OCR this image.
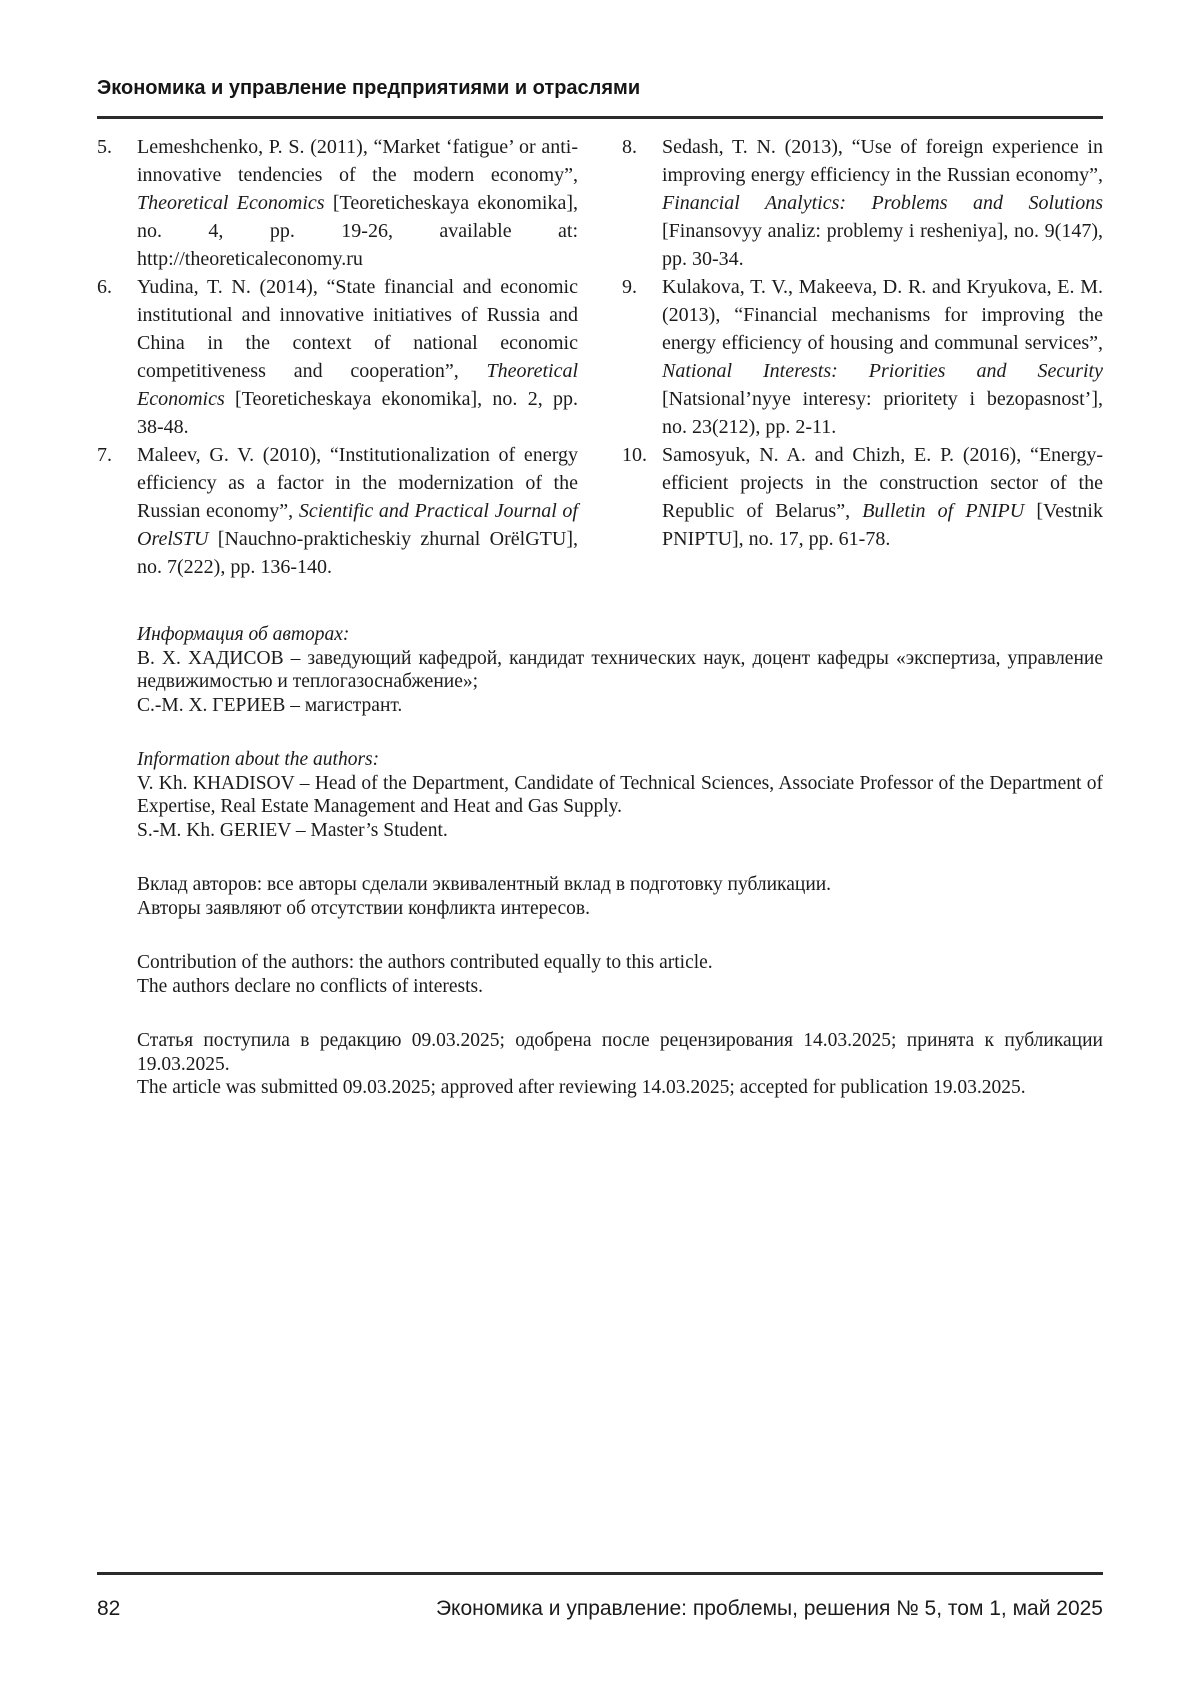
Экономика и управление предприятиями и отраслями
5. Lemeshchenko, P. S. (2011), “Market ‘fatigue’ or anti-innovative tendencies of the modern economy”, Theoretical Economics [Teoreticheskaya ekonomika], no. 4, pp. 19-26, available at: http://theoreticaleconomy.ru
6. Yudina, T. N. (2014), “State financial and economic institutional and innovative initiatives of Russia and China in the context of national economic competitiveness and cooperation”, Theoretical Economics [Teoreticheskaya ekonomika], no. 2, pp. 38-48.
7. Maleev, G. V. (2010), “Institutionalization of energy efficiency as a factor in the modernization of the Russian economy”, Scientific and Practical Journal of OrelSTU [Nauchno-prakticheskiy zhurnal OrëlGTU], no. 7(222), pp. 136-140.
8. Sedash, T. N. (2013), “Use of foreign experience in improving energy efficiency in the Russian economy”, Financial Analytics: Problems and Solutions [Finansovyy analiz: problemy i resheniya], no. 9(147), pp. 30-34.
9. Kulakova, T. V., Makeeva, D. R. and Kryukova, E. M. (2013), “Financial mechanisms for improving the energy efficiency of housing and communal services”, National Interests: Priorities and Security [Natsional’nyye interesy: prioritety i bezopasnost’], no. 23(212), pp. 2-11.
10. Samosyuk, N. A. and Chizh, E. P. (2016), “Energy-efficient projects in the construction sector of the Republic of Belarus”, Bulletin of PNIPU [Vestnik PNIPTU], no. 17, pp. 61-78.

Информация об авторах:

В. Х. ХАДИСОВ – заведующий кафедрой, кандидат технических наук, доцент кафедры «экспертиза, управление недвижимостью и теплогазоснабжение»;

С.-М. Х. ГЕРИЕВ – магистрант.

Information about the authors:

V. Kh. KHADISOV – Head of the Department, Candidate of Technical Sciences, Associate Professor of the Department of Expertise, Real Estate Management and Heat and Gas Supply.

S.-M. Kh. GERIEV – Master’s Student.

Вклад авторов: все авторы сделали эквивалентный вклад в подготовку публикации.

Авторы заявляют об отсутствии конфликта интересов.

Contribution of the authors: the authors contributed equally to this article.

The authors declare no conflicts of interests.

Статья поступила в редакцию 09.03.2025; одобрена после рецензирования 14.03.2025; принята к публикации 19.03.2025.

The article was submitted 09.03.2025; approved after reviewing 14.03.2025; accepted for publication 19.03.2025.

82	Экономика и управление: проблемы, решения № 5, том 1, май 2025
